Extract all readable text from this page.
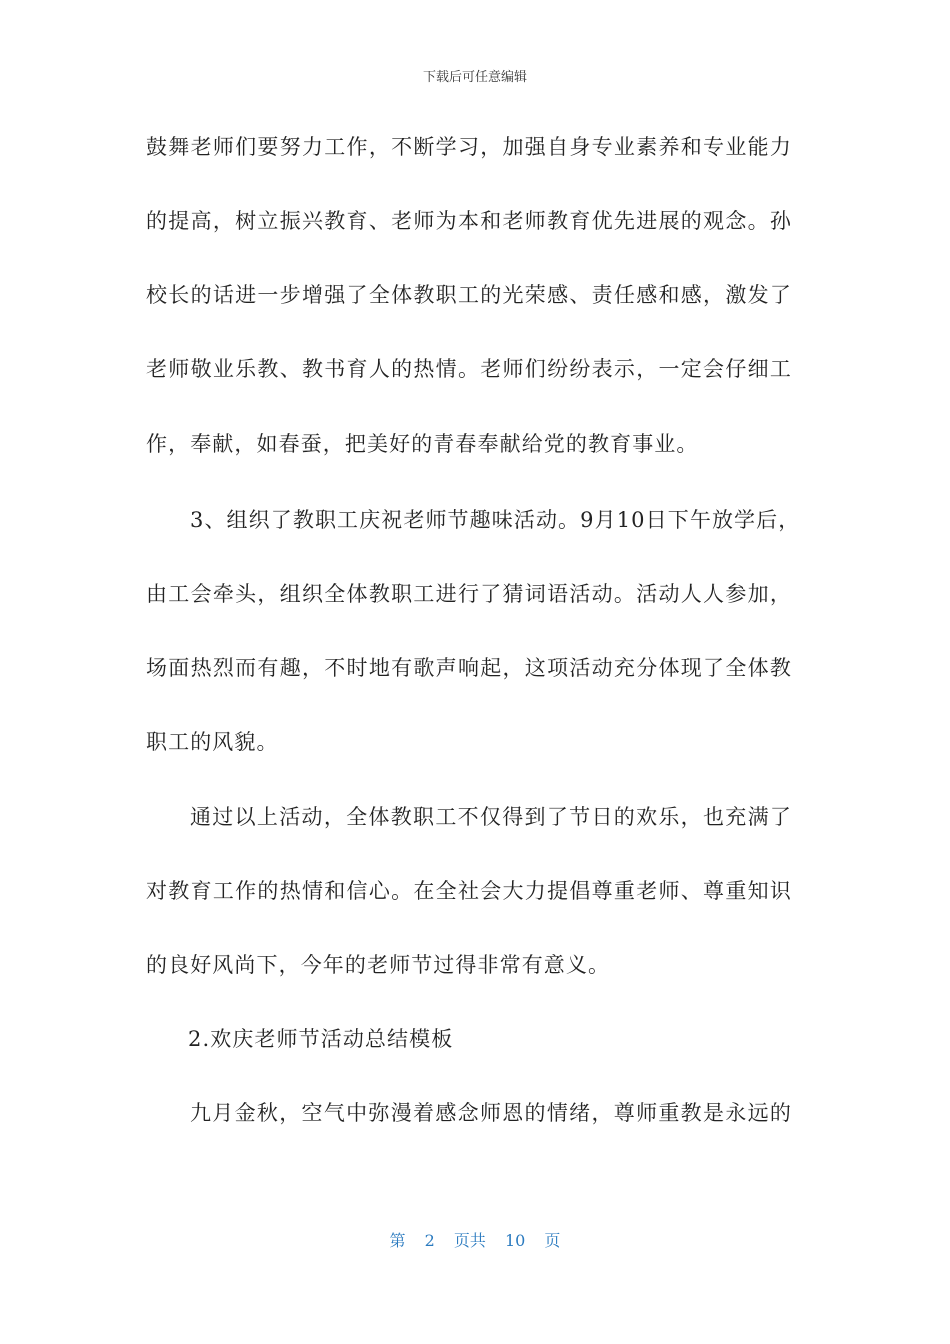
下载后可任意编辑
鼓舞老师们要努力工作，不断学习，加强自身专业素养和专业能力
的提高，树立振兴教育、老师为本和老师教育优先进展的观念。孙
校长的话进一步增强了全体教职工的光荣感、责任感和感，激发了
老师敬业乐教、教书育人的热情。老师们纷纷表示，一定会仔细工
作，奉献，如春蚕，把美好的青春奉献给党的教育事业。
3、组织了教职工庆祝老师节趣味活动。9月10日下午放学后，
由工会牵头，组织全体教职工进行了猜词语活动。活动人人参加，
场面热烈而有趣，不时地有歌声响起，这项活动充分体现了全体教
职工的风貌。
通过以上活动，全体教职工不仅得到了节日的欢乐，也充满了
对教育工作的热情和信心。在全社会大力提倡尊重老师、尊重知识
的良好风尚下，今年的老师节过得非常有意义。
2.欢庆老师节活动总结模板
九月金秋，空气中弥漫着感念师恩的情绪，尊师重教是永远的
第 2 页共 10 页
